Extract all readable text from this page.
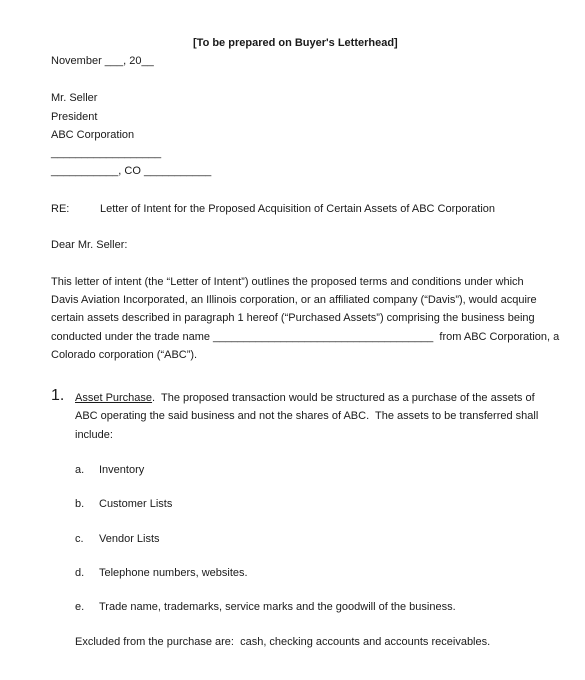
[To be prepared on Buyer's Letterhead]
November ___, 20__
Mr. Seller
President
ABC Corporation
__________________
___________, CO ___________
RE:	Letter of Intent for the Proposed Acquisition of Certain Assets of ABC Corporation
Dear Mr. Seller:
This letter of intent (the “Letter of Intent”) outlines the proposed terms and conditions under which
Davis Aviation Incorporated, an Illinois corporation, or an affiliated company (“Davis”), would acquire
certain assets described in paragraph 1 hereof (“Purchased Assets”) comprising the business being
conducted under the trade name ____________________________________  from ABC Corporation, a
Colorado corporation (“ABC”).
1. Asset Purchase.  The proposed transaction would be structured as a purchase of the assets of
ABC operating the said business and not the shares of ABC.  The assets to be transferred shall
include:
a. Inventory
b. Customer Lists
c. Vendor Lists
d. Telephone numbers, websites.
e. Trade name, trademarks, service marks and the goodwill of the business.
Excluded from the purchase are:  cash, checking accounts and accounts receivables.
